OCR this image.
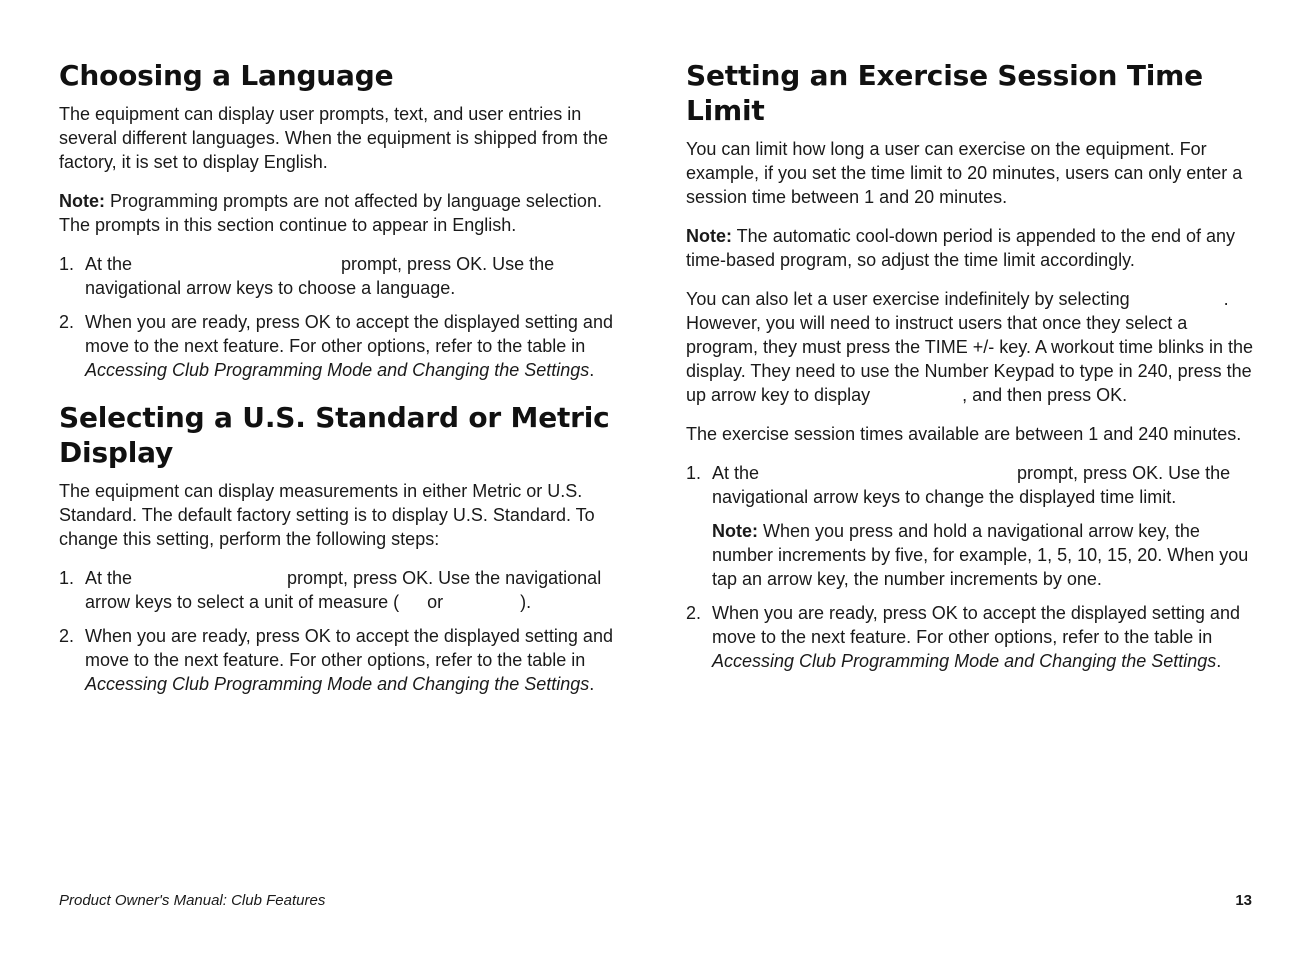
Choosing a Language

The equipment can display user prompts, text, and user entries in several different languages. When the equipment is shipped from the factory, it is set to display English.

Note: Programming prompts are not affected by language selection. The prompts in this section continue to appear in English.

1. At the	prompt, press OK. Use the navigational arrow keys to choose a language.
2. When you are ready, press OK to accept the displayed setting and move to the next feature. For other options, refer to the table in Accessing Club Programming Mode and Changing the Settings.
Selecting a U.S. Standard or Metric Display

The equipment can display measurements in either Metric or U.S. Standard. The default factory setting is to display U.S. Standard. To change this setting, perform the following steps:

1. At the	prompt, press OK. Use the navigational arrow keys to select a unit of measure ( or	).
2. When you are ready, press OK to accept the displayed setting and move to the next feature. For other options, refer to the table in Accessing Club Programming Mode and Changing the Settings.
Setting an Exercise Session Time Limit

You can limit how long a user can exercise on the equipment. For example, if you set the time limit to 20 minutes, users can only enter a session time between 1 and 20 minutes.

Note: The automatic cool-down period is appended to the end of any time-based program, so adjust the time limit accordingly.

You can also let a user exercise indefinitely by selecting	. However, you will need to instruct users that once they select a program, they must press the TIME +/- key. A workout time blinks in the display. They need to use the Number Keypad to type in 240, press the up arrow key to display	, and then press OK.

The exercise session times available are between 1 and 240 minutes.

1. At the	prompt, press OK. Use the navigational arrow keys to change the displayed time limit.
Note: When you press and hold a navigational arrow key, the number increments by five, for example, 1, 5, 10, 15, 20. When you tap an arrow key, the number increments by one.
2. When you are ready, press OK to accept the displayed setting and move to the next feature. For other options, refer to the table in Accessing Club Programming Mode and Changing the Settings.
Product Owner's Manual: Club Features	13
